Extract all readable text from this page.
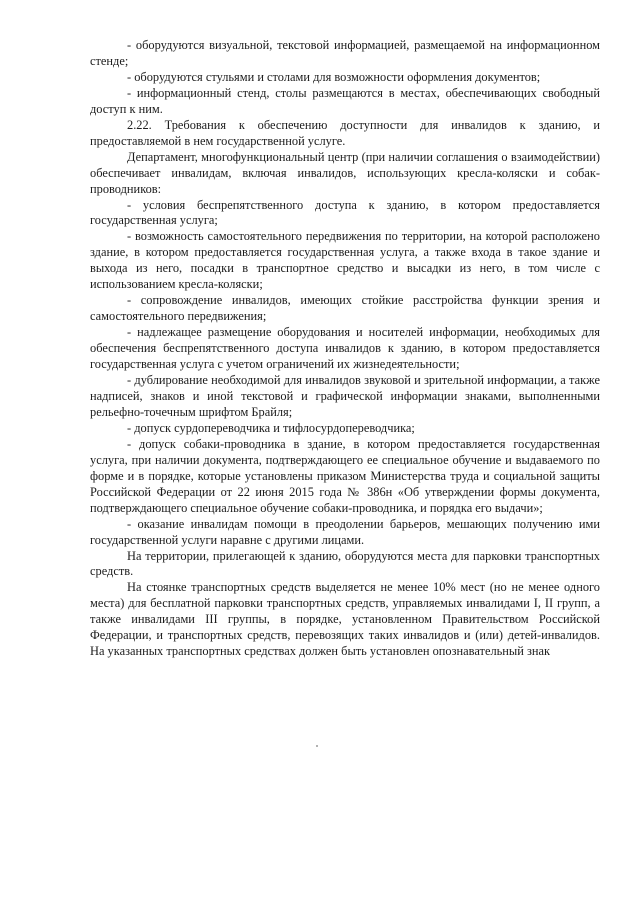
- оборудуются визуальной, текстовой информацией, размещаемой на информационном стенде;

- оборудуются стульями и столами для возможности оформления документов;

- информационный стенд, столы размещаются в местах, обеспечивающих свободный доступ к ним.

2.22. Требования к обеспечению доступности для инвалидов к зданию, и предоставляемой в нем государственной услуге.

Департамент, многофункциональный центр (при наличии соглашения о взаимодействии) обеспечивает инвалидам, включая инвалидов, использующих кресла-коляски и собак-проводников:

- условия беспрепятственного доступа к зданию, в котором предоставляется государственная услуга;

- возможность самостоятельного передвижения по территории, на которой расположено здание, в котором предоставляется государственная услуга, а также входа в такое здание и выхода из него, посадки в транспортное средство и высадки из него, в том числе с использованием кресла-коляски;

- сопровождение инвалидов, имеющих стойкие расстройства функции зрения и самостоятельного передвижения;

- надлежащее размещение оборудования и носителей информации, необходимых для обеспечения беспрепятственного доступа инвалидов к зданию, в котором предоставляется государственная услуга с учетом ограничений их жизнедеятельности;

- дублирование необходимой для инвалидов звуковой и зрительной информации, а также надписей, знаков и иной текстовой и графической информации знаками, выполненными рельефно-точечным шрифтом Брайля;

- допуск сурдопереводчика и тифлосурдопереводчика;

- допуск собаки-проводника в здание, в котором предоставляется государственная услуга, при наличии документа, подтверждающего ее специальное обучение и выдаваемого по форме и в порядке, которые установлены приказом Министерства труда и социальной защиты Российской Федерации от 22 июня 2015 года № 386н «Об утверждении формы документа, подтверждающего специальное обучение собаки-проводника, и порядка его выдачи»;

- оказание инвалидам помощи в преодолении барьеров, мешающих получению ими государственной услуги наравне с другими лицами.

На территории, прилегающей к зданию, оборудуются места для парковки транспортных средств.

На стоянке транспортных средств выделяется не менее 10% мест (но не менее одного места) для бесплатной парковки транспортных средств, управляемых инвалидами I, II групп, а также инвалидами III группы, в порядке, установленном Правительством Российской Федерации, и транспортных средств, перевозящих таких инвалидов и (или) детей-инвалидов. На указанных транспортных средствах должен быть установлен опознавательный знак
